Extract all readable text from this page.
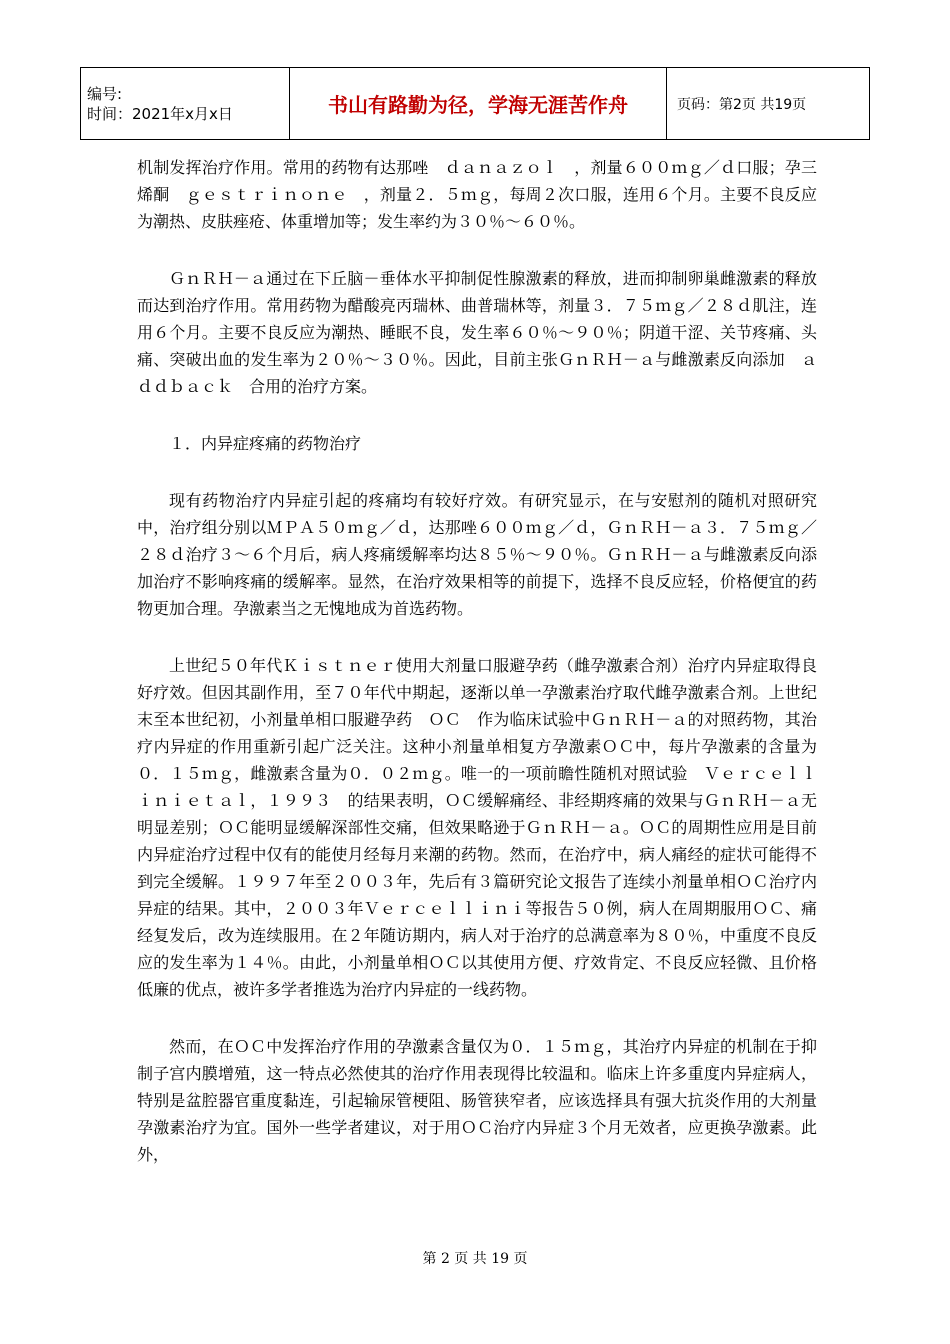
编号:
时间：2021年x月x日	书山有路勤为径，学海无涯苦作舟	页码：第2页 共19页

机制发挥治疗作用。常用的药物有达那唑　ｄａｎａｚｏｌ　，剂量６００ｍｇ／ｄ口服；孕三烯酮　ｇｅｓｔｒｉｎｏｎｅ　，剂量２．５ｍｇ，每周２次口服，连用６个月。主要不良反应为潮热、皮肤痤疮、体重增加等；发生率约为３０％～６０％。

ＧｎＲＨ－ａ通过在下丘脑－垂体水平抑制促性腺激素的释放，进而抑制卵巢雌激素的释放而达到治疗作用。常用药物为醋酸亮丙瑞林、曲普瑞林等，剂量３．７５ｍｇ／２８ｄ肌注，连用６个月。主要不良反应为潮热、睡眠不良，发生率６０％～９０％；阴道干涩、关节疼痛、头痛、突破出血的发生率为２０％～３０％。因此，目前主张ＧｎＲＨ－ａ与雌激素反向添加　ａｄｄｂａｃｋ　合用的治疗方案。

１．内异症疼痛的药物治疗

现有药物治疗内异症引起的疼痛均有较好疗效。有研究显示，在与安慰剂的随机对照研究中，治疗组分别以ＭＰＡ５０ｍｇ／ｄ，达那唑６００ｍｇ／ｄ，ＧｎＲＨ－ａ３．７５ｍｇ／２８ｄ治疗３～６个月后，病人疼痛缓解率均达８５％～９０％。ＧｎＲＨ－ａ与雌激素反向添加治疗不影响疼痛的缓解率。显然，在治疗效果相等的前提下，选择不良反应轻，价格便宜的药物更加合理。孕激素当之无愧地成为首选药物。

上世纪５０年代Ｋｉｓｔｎｅｒ使用大剂量口服避孕药（雌孕激素合剂）治疗内异症取得良好疗效。但因其副作用，至７０年代中期起，逐渐以单一孕激素治疗取代雌孕激素合剂。上世纪末至本世纪初，小剂量单相口服避孕药　ＯＣ　作为临床试验中ＧｎＲＨ－ａ的对照药物，其治疗内异症的作用重新引起广泛关注。这种小剂量单相复方孕激素ＯＣ中，每片孕激素的含量为０．１５ｍｇ，雌激素含量为０．０２ｍｇ。唯一的一项前瞻性随机对照试验　Ｖｅｒｃｅｌｌｉｎｉｅｔａｌ，１９９３　的结果表明，ＯＣ缓解痛经、非经期疼痛的效果与ＧｎＲＨ－ａ无明显差别；ＯＣ能明显缓解深部性交痛，但效果略逊于ＧｎＲＨ－ａ。ＯＣ的周期性应用是目前内异症治疗过程中仅有的能使月经每月来潮的药物。然而，在治疗中，病人痛经的症状可能得不到完全缓解。１９９７年至２００３年，先后有３篇研究论文报告了连续小剂量单相ＯＣ治疗内异症的结果。其中，２００３年Ｖｅｒｃｅｌｌｉｎｉ等报告５０例，病人在周期服用ＯＣ、痛经复发后，改为连续服用。在２年随访期内，病人对于治疗的总满意率为８０％，中重度不良反应的发生率为１４％。由此，小剂量单相ＯＣ以其使用方便、疗效肯定、不良反应轻微、且价格低廉的优点，被许多学者推选为治疗内异症的一线药物。

然而，在ＯＣ中发挥治疗作用的孕激素含量仅为０．１５ｍｇ，其治疗内异症的机制在于抑制子宫内膜增殖，这一特点必然使其的治疗作用表现得比较温和。临床上许多重度内异症病人，特别是盆腔器官重度黏连，引起输尿管梗阻、肠管狭窄者，应该选择具有强大抗炎作用的大剂量孕激素治疗为宜。国外一些学者建议，对于用ＯＣ治疗内异症３个月无效者，应更换孕激素。此外，

第 2 页 共 19 页
